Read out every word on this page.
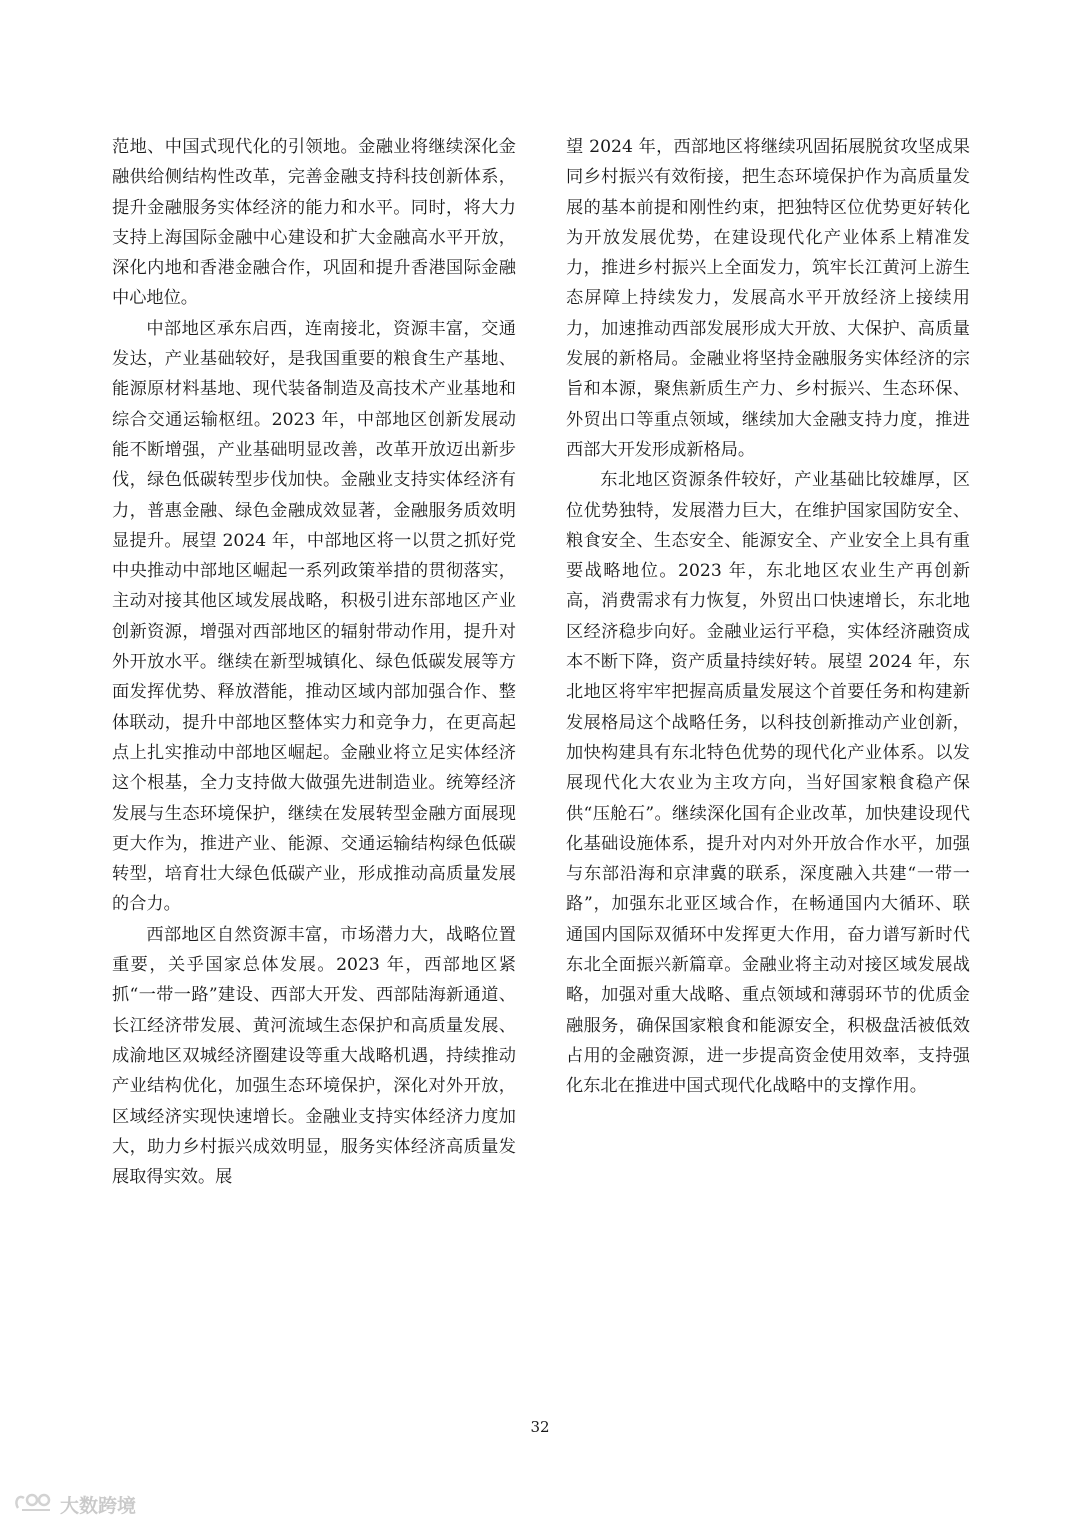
范地、中国式现代化的引领地。金融业将继续深化金融供给侧结构性改革，完善金融支持科技创新体系，提升金融服务实体经济的能力和水平。同时，将大力支持上海国际金融中心建设和扩大金融高水平开放，深化内地和香港金融合作，巩固和提升香港国际金融中心地位。

中部地区承东启西，连南接北，资源丰富，交通发达，产业基础较好，是我国重要的粮食生产基地、能源原材料基地、现代装备制造及高技术产业基地和综合交通运输枢纽。2023 年，中部地区创新发展动能不断增强，产业基础明显改善，改革开放迈出新步伐，绿色低碳转型步伐加快。金融业支持实体经济有力，普惠金融、绿色金融成效显著，金融服务质效明显提升。展望 2024 年，中部地区将一以贯之抓好党中央推动中部地区崛起一系列政策举措的贯彻落实，主动对接其他区域发展战略，积极引进东部地区产业创新资源，增强对西部地区的辐射带动作用，提升对外开放水平。继续在新型城镇化、绿色低碳发展等方面发挥优势、释放潜能，推动区域内部加强合作、整体联动，提升中部地区整体实力和竞争力，在更高起点上扎实推动中部地区崛起。金融业将立足实体经济这个根基，全力支持做大做强先进制造业。统筹经济发展与生态环境保护，继续在发展转型金融方面展现更大作为，推进产业、能源、交通运输结构绿色低碳转型，培育壮大绿色低碳产业，形成推动高质量发展的合力。

西部地区自然资源丰富，市场潜力大，战略位置重要，关乎国家总体发展。2023 年，西部地区紧抓“一带一路”建设、西部大开发、西部陆海新通道、长江经济带发展、黄河流域生态保护和高质量发展、成渝地区双城经济圈建设等重大战略机遇，持续推动产业结构优化，加强生态环境保护，深化对外开放，区域经济实现快速增长。金融业支持实体经济力度加大，助力乡村振兴成效明显，服务实体经济高质量发展取得实效。展

望 2024 年，西部地区将继续巩固拓展脱贫攻坚成果同乡村振兴有效衔接，把生态环境保护作为高质量发展的基本前提和刚性约束，把独特区位优势更好转化为开放发展优势，在建设现代化产业体系上精准发力，推进乡村振兴上全面发力，筑牢长江黄河上游生态屏障上持续发力，发展高水平开放经济上接续用力，加速推动西部发展形成大开放、大保护、高质量发展的新格局。金融业将坚持金融服务实体经济的宗旨和本源，聚焦新质生产力、乡村振兴、生态环保、外贸出口等重点领域，继续加大金融支持力度，推进西部大开发形成新格局。

东北地区资源条件较好，产业基础比较雄厚，区位优势独特，发展潜力巨大，在维护国家国防安全、粮食安全、生态安全、能源安全、产业安全上具有重要战略地位。2023 年，东北地区农业生产再创新高，消费需求有力恢复，外贸出口快速增长，东北地区经济稳步向好。金融业运行平稳，实体经济融资成本不断下降，资产质量持续好转。展望 2024 年，东北地区将牢牢把握高质量发展这个首要任务和构建新发展格局这个战略任务，以科技创新推动产业创新，加快构建具有东北特色优势的现代化产业体系。以发展现代化大农业为主攻方向，当好国家粮食稳产保供“压舱石”。继续深化国有企业改革，加快建设现代化基础设施体系，提升对内对外开放合作水平，加强与东部沿海和京津冀的联系，深度融入共建“一带一路”，加强东北亚区域合作，在畅通国内大循环、联通国内国际双循环中发挥更大作用，奋力谱写新时代东北全面振兴新篇章。金融业将主动对接区域发展战略，加强对重大战略、重点领域和薄弱环节的优质金融服务，确保国家粮食和能源安全，积极盘活被低效占用的金融资源，进一步提高资金使用效率，支持强化东北在推进中国式现代化战略中的支撑作用。

32
大数跨境
